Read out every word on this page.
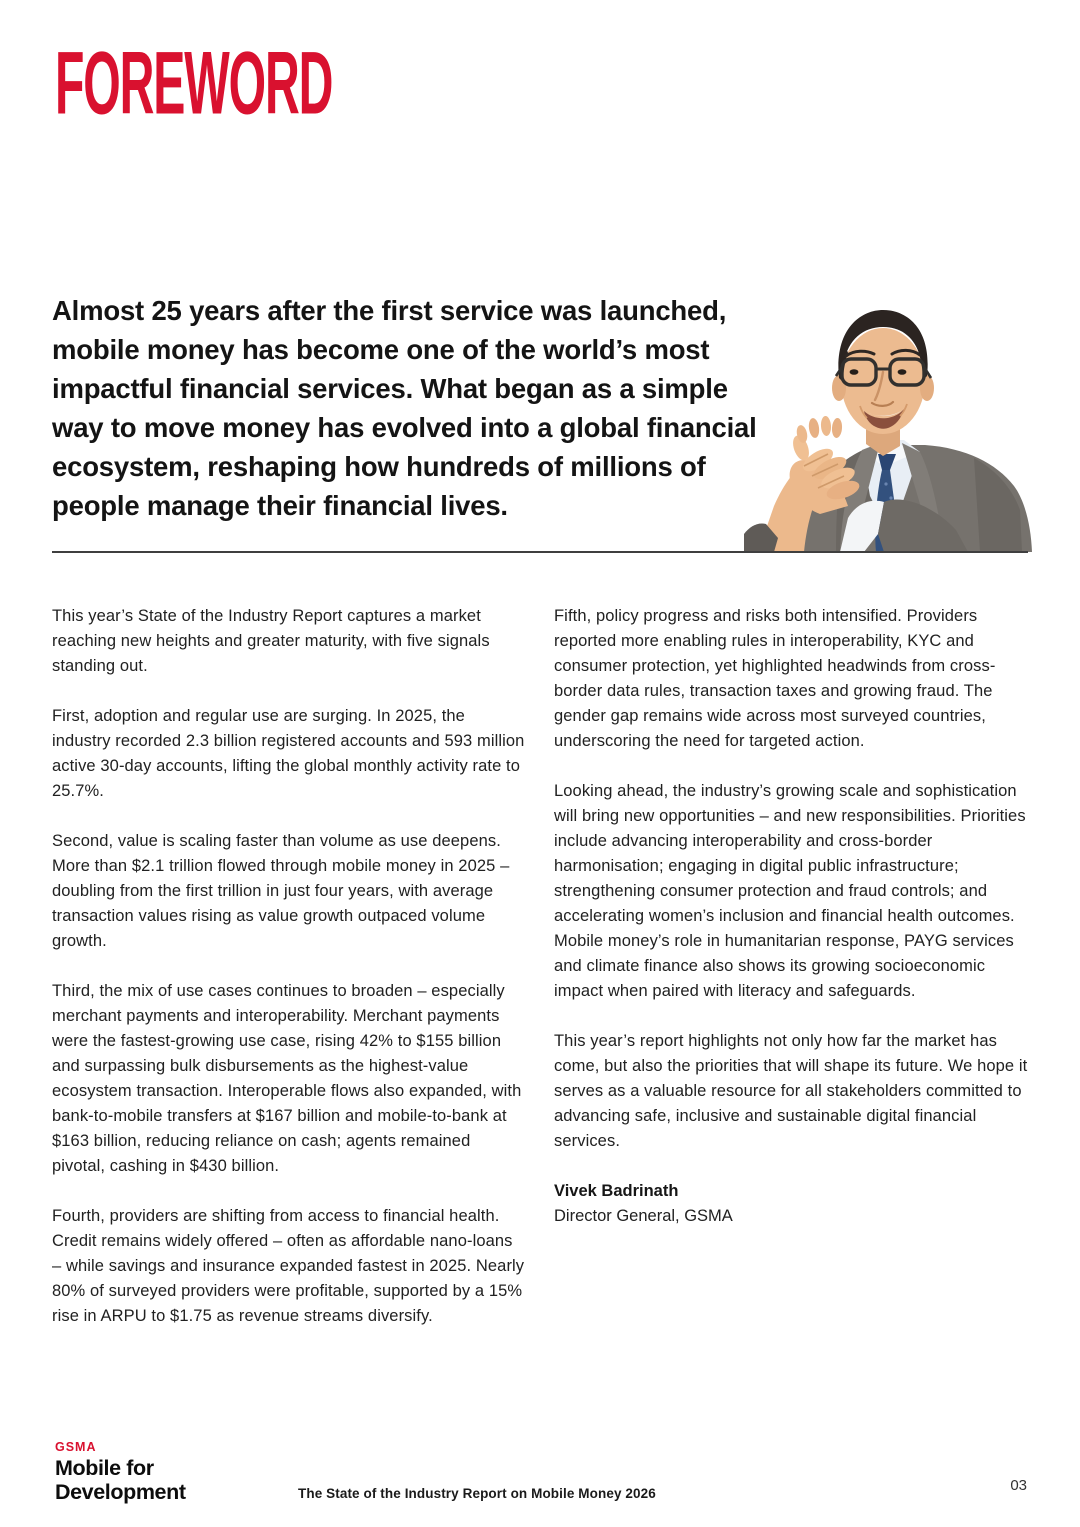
FOREWORD
Almost 25 years after the first service was launched,
mobile money has become one of the world’s most
impactful financial services. What began as a simple
way to move money has evolved into a global financial
ecosystem, reshaping how hundreds of millions of
people manage their financial lives.

This year’s State of the Industry Report captures a market reaching new heights and greater maturity, with five signals standing out.

First, adoption and regular use are surging. In 2025, the industry recorded 2.3 billion registered accounts and 593 million active 30-day accounts, lifting the global monthly activity rate to 25.7%.

Second, value is scaling faster than volume as use deepens. More than $2.1 trillion flowed through mobile money in 2025 – doubling from the first trillion in just four years, with average transaction values rising as value growth outpaced volume growth.

Third, the mix of use cases continues to broaden – especially merchant payments and interoperability. Merchant payments were the fastest-growing use case, rising 42% to $155 billion and surpassing bulk disbursements as the highest-value ecosystem transaction. Interoperable flows also expanded, with bank-to-mobile transfers at $167 billion and mobile-to-bank at $163 billion, reducing reliance on cash; agents remained pivotal, cashing in $430 billion.

Fourth, providers are shifting from access to financial health. Credit remains widely offered – often as affordable nano-loans – while savings and insurance expanded fastest in 2025. Nearly 80% of surveyed providers were profitable, supported by a 15% rise in ARPU to $1.75 as revenue streams diversify.

Fifth, policy progress and risks both intensified. Providers reported more enabling rules in interoperability, KYC and consumer protection, yet highlighted headwinds from cross-border data rules, transaction taxes and growing fraud. The gender gap remains wide across most surveyed countries, underscoring the need for targeted action.

Looking ahead, the industry’s growing scale and sophistication will bring new opportunities – and new responsibilities. Priorities include advancing interoperability and cross-border harmonisation; engaging in digital public infrastructure; strengthening consumer protection and fraud controls; and accelerating women’s inclusion and financial health outcomes. Mobile money’s role in humanitarian response, PAYG services and climate finance also shows its growing socioeconomic impact when paired with literacy and safeguards.

This year’s report highlights not only how far the market has come, but also the priorities that will shape its future. We hope it serves as a valuable resource for all stakeholders committed to advancing safe, inclusive and sustainable digital financial services.

Vivek Badrinath
Director General, GSMA
GSMA
Mobile for
Development	The State of the Industry Report on Mobile Money 2026	03
